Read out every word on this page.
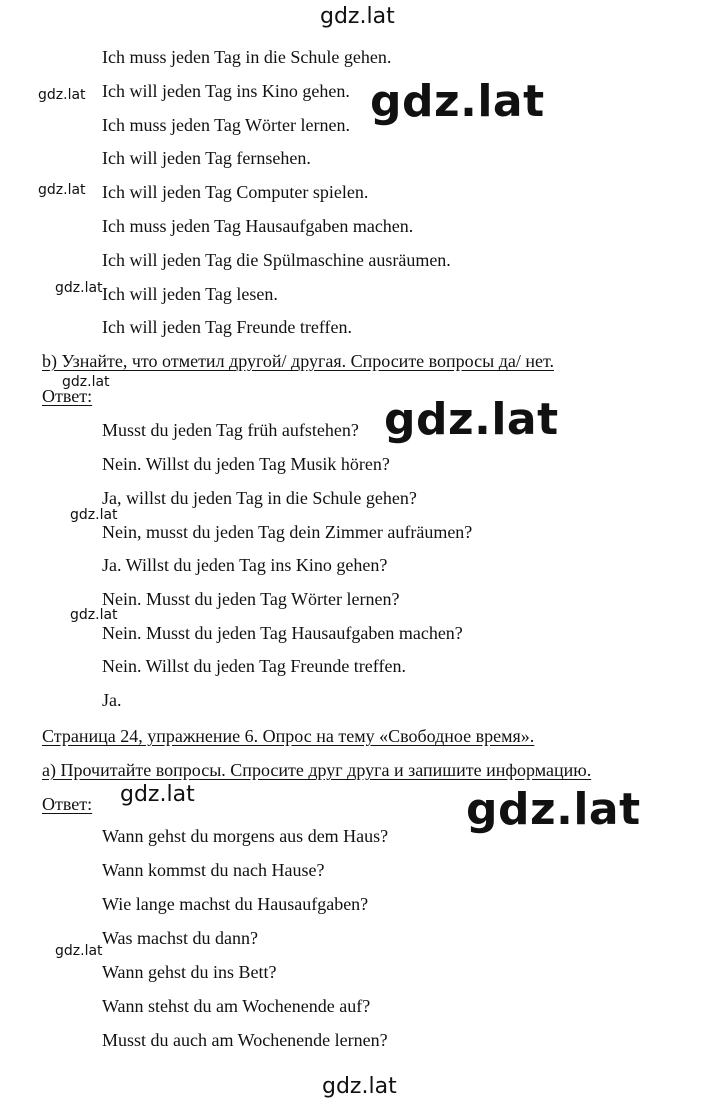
Ich muss jeden Tag in die Schule gehen.
Ich will jeden Tag ins Kino gehen.
Ich muss jeden Tag Wörter lernen.
Ich will jeden Tag fernsehen.
Ich will jeden Tag Computer spielen.
Ich muss jeden Tag Hausaufgaben machen.
Ich will jeden Tag die Spülmaschine ausräumen.
Ich will jeden Tag lesen.
Ich will jeden Tag Freunde treffen.
b) Узнайте, что отметил другой/ другая. Спросите вопросы да/ нет.
Ответ:
Musst du jeden Tag früh aufstehen?
Nein. Willst du jeden Tag Musik hören?
Ja, willst du jeden Tag in die Schule gehen?
Nein, musst du jeden Tag dein Zimmer aufräumen?
Ja. Willst du jeden Tag ins Kino gehen?
Nein. Musst du jeden Tag Wörter lernen?
Nein. Musst du jeden Tag Hausaufgaben machen?
Nein. Willst du jeden Tag Freunde treffen.
Ja.
Страница 24, упражнение 6. Опрос на тему «Свободное время».
а) Прочитайте вопросы. Спросите друг друга и запишите информацию.
Ответ:
Wann gehst du morgens aus dem Haus?
Wann kommst du nach Hause?
Wie lange machst du Hausaufgaben?
Was machst du dann?
Wann gehst du ins Bett?
Wann stehst du am Wochenende auf?
Musst du auch am Wochenende lernen?
gdz.lat
gdz.lat	gdz.lat
gdz.lat
gdz.lat
gdz.lat
gdz.lat
gdz.lat
gdz.lat
gdz.lat	gdz.lat
gdz.lat
gdz.lat
